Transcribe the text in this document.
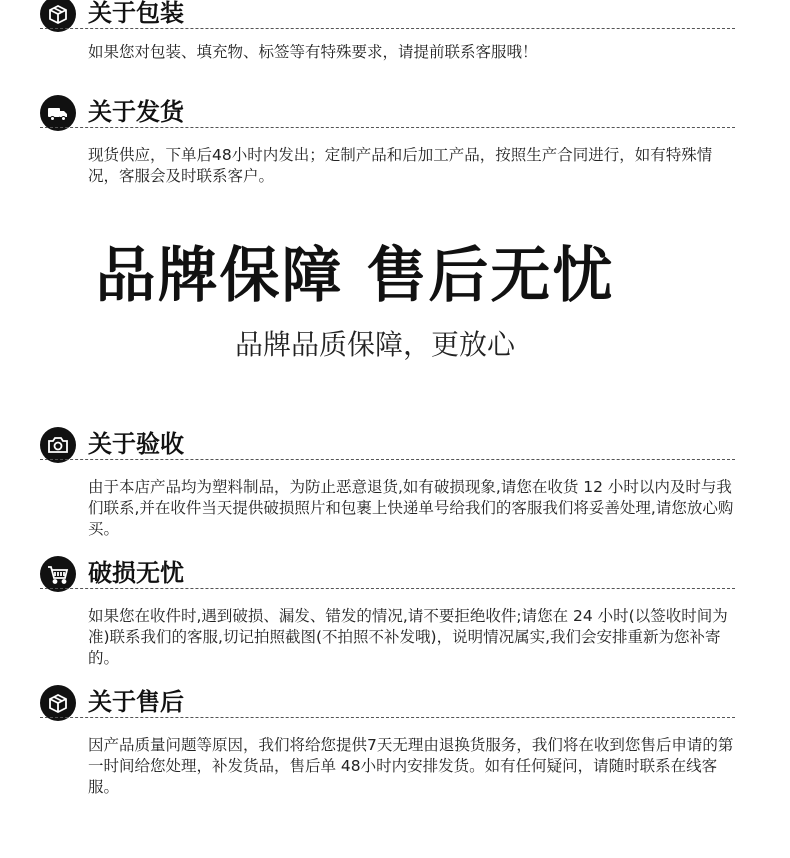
关于包装
如果您对包装、填充物、标签等有特殊要求，请提前联系客服哦！
关于发货
现货供应，下单后48小时内发出；定制产品和后加工产品，按照生产合同进行，如有特殊情况，客服会及时联系客户。
品牌保障 售后无忧
品牌品质保障，更放心
关于验收
由于本店产品均为塑料制品，为防止恶意退货,如有破损现象,请您在收货 12 小时以内及时与我们联系,并在收件当天提供破损照片和包裹上快递单号给我们的客服我们将妥善处理,请您放心购买。
破损无忧
如果您在收件时,遇到破损、漏发、错发的情况,请不要拒绝收件;请您在 24 小时(以签收时间为准)联系我们的客服,切记拍照截图(不拍照不补发哦)，说明情况属实,我们会安排重新为您补寄的。
关于售后
因产品质量问题等原因，我们将给您提供7天无理由退换货服务，我们将在收到您售后申请的第一时间给您处理，补发货品，售后单 48小时内安排发货。如有任何疑问，请随时联系在线客服。
